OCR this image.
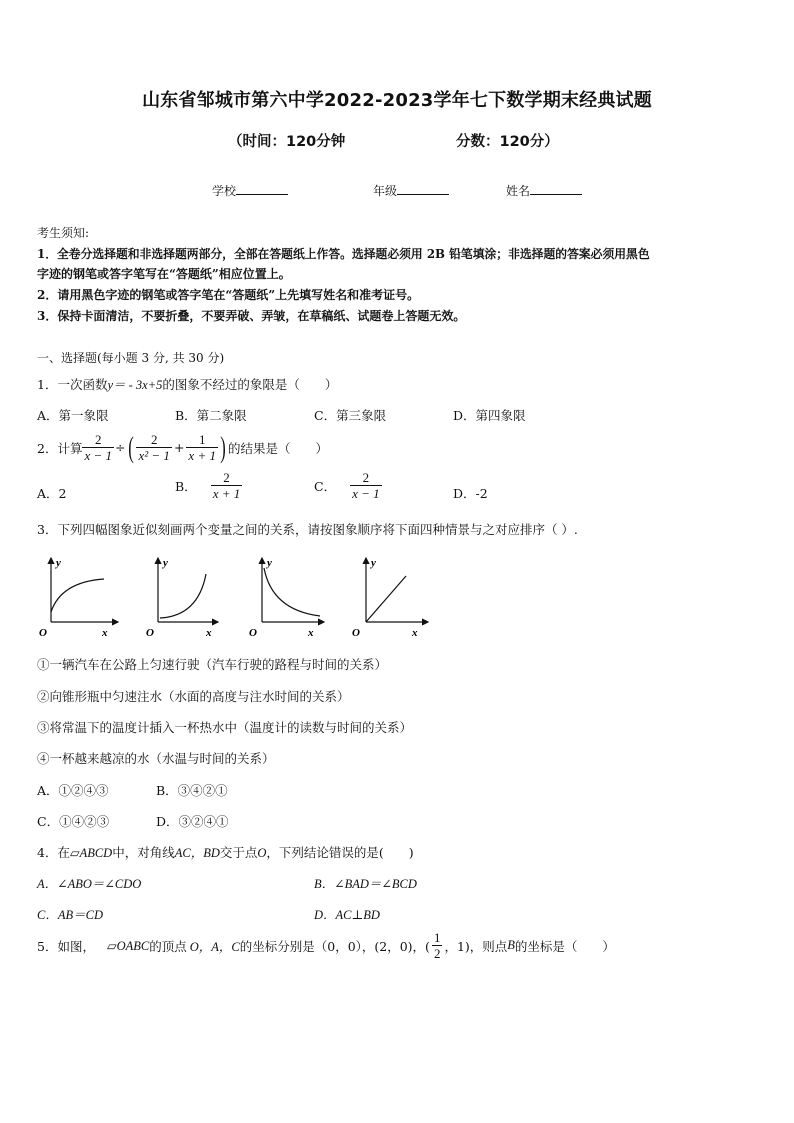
山东省邹城市第六中学2022-2023学年七下数学期末经典试题
（时间：120分钟	分数：120分）
学校	年级	姓名
考生须知:
1．全卷分选择题和非选择题两部分，全部在答题纸上作答。选择题必须用 2B 铅笔填涂；非选择题的答案必须用黑色
字迹的钢笔或答字笔写在“答题纸”相应位置上。
2．请用黑色字迹的钢笔或答字笔在“答题纸”上先填写姓名和准考证号。
3．保持卡面清洁，不要折叠，不要弄破、弄皱，在草稿纸、试题卷上答题无效。
一、选择题(每小题 3 分, 共 30 分)
1．一次函数y＝ - 3x+5的图象不经过的象限是（　　）
A．第一象限	B．第二象限	C．第三象限	D．第四象限
2．计算 $\frac{2}{x - 1}$ ÷ ( $\frac{2}{\text{x² − 1}} + \frac{1}{x + 1}$ ) 的结果是（　　）
A．2	B． $\frac{2}{x + 1}$	C． $\frac{2}{x - 1}$	D．-2
3．下列四幅图象近似刻画两个变量之间的关系，请按图象顺序将下面四种情景与之对应排序（ ）.
y
x
O
y
x
O
y
x
O
y
x
O
①一辆汽车在公路上匀速行驶（汽车行驶的路程与时间的关系）
②向锥形瓶中匀速注水（水面的高度与注水时间的关系）
③将常温下的温度计插入一杯热水中（温度计的读数与时间的关系）
④一杯越来越凉的水（水温与时间的关系）
A．①②④③	B．③④②①
C．①④②③	D．③②④①
4．在▱ABCD中，对角线AC，BD交于点O，下列结论错误的是(　　)
A．∠ABO＝∠CDO	B．∠BAD＝∠BCD
C．AB＝CD	D．AC⊥BD
5．如图， ▱OABC 的顶点 O，A，C 的坐标分别是（0，0），(2，0)，( $\frac{1}{2}$ ，1)，则点 B 的坐标是（　　）
